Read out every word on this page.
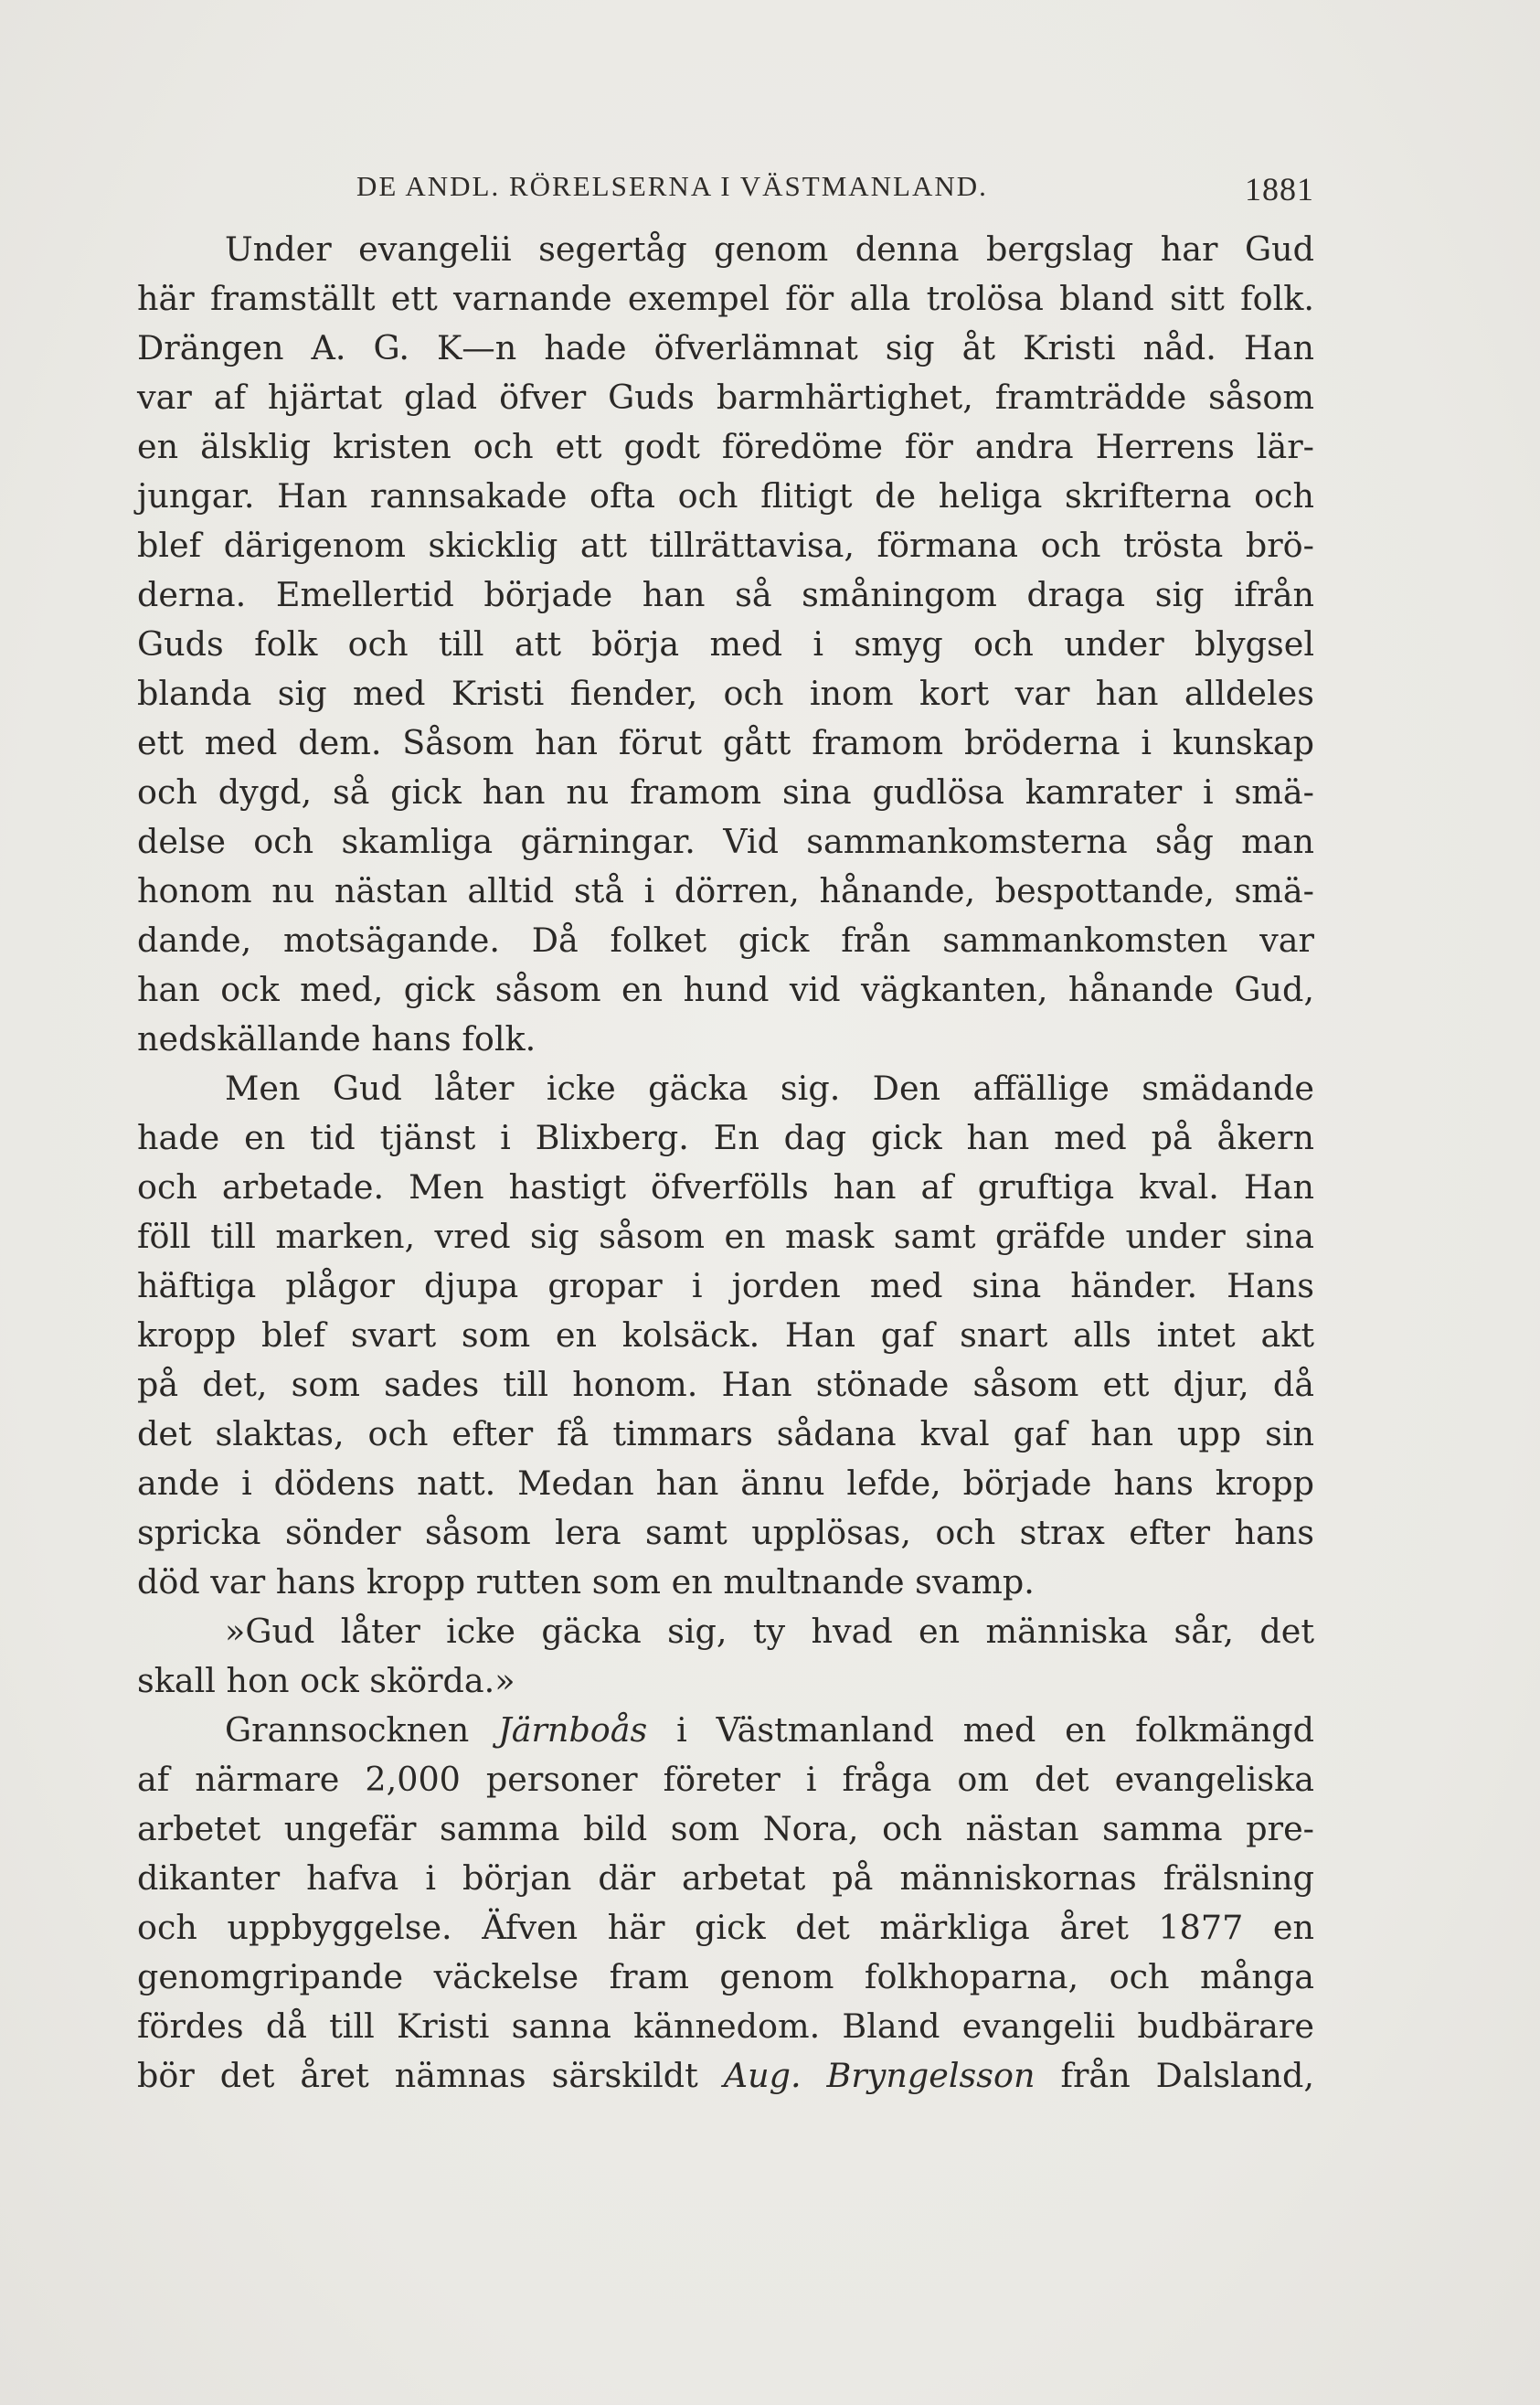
DE ANDL. RÖRELSERNA I VÄSTMANLAND.	1881
Under evangelii segertåg genom denna bergslag har Gud
här framställt ett varnande exempel för alla trolösa bland sitt folk.
Drängen A. G. K—n hade öfverlämnat sig åt Kristi nåd. Han
var af hjärtat glad öfver Guds barmhärtighet, framträdde såsom
en älsklig kristen och ett godt föredöme för andra Herrens lär-
jungar. Han rannsakade ofta och flitigt de heliga skrifterna och
blef därigenom skicklig att tillrättavisa, förmana och trösta brö-
derna. Emellertid började han så småningom draga sig ifrån
Guds folk och till att börja med i smyg och under blygsel
blanda sig med Kristi fiender, och inom kort var han alldeles
ett med dem. Såsom han förut gått framom bröderna i kunskap
och dygd, så gick han nu framom sina gudlösa kamrater i smä-
delse och skamliga gärningar. Vid sammankomsterna såg man
honom nu nästan alltid stå i dörren, hånande, bespottande, smä-
dande, motsägande. Då folket gick från sammankomsten var
han ock med, gick såsom en hund vid vägkanten, hånande Gud,
nedskällande hans folk.
Men Gud låter icke gäcka sig. Den affällige smädande
hade en tid tjänst i Blixberg. En dag gick han med på åkern
och arbetade. Men hastigt öfverfölls han af gruftiga kval. Han
föll till marken, vred sig såsom en mask samt gräfde under sina
häftiga plågor djupa gropar i jorden med sina händer. Hans
kropp blef svart som en kolsäck. Han gaf snart alls intet akt
på det, som sades till honom. Han stönade såsom ett djur, då
det slaktas, och efter få timmars sådana kval gaf han upp sin
ande i dödens natt. Medan han ännu lefde, började hans kropp
spricka sönder såsom lera samt upplösas, och strax efter hans
död var hans kropp rutten som en multnande svamp.
»Gud låter icke gäcka sig, ty hvad en människa sår, det
skall hon ock skörda.»
Grannsocknen Järnboås i Västmanland med en folkmängd
af närmare 2,000 personer företer i fråga om det evangeliska
arbetet ungefär samma bild som Nora, och nästan samma pre-
dikanter hafva i början där arbetat på människornas frälsning
och uppbyggelse. Äfven här gick det märkliga året 1877 en
genomgripande väckelse fram genom folkhoparna, och många
fördes då till Kristi sanna kännedom. Bland evangelii budbärare
bör det året nämnas särskildt Aug. Bryngelsson från Dalsland,
